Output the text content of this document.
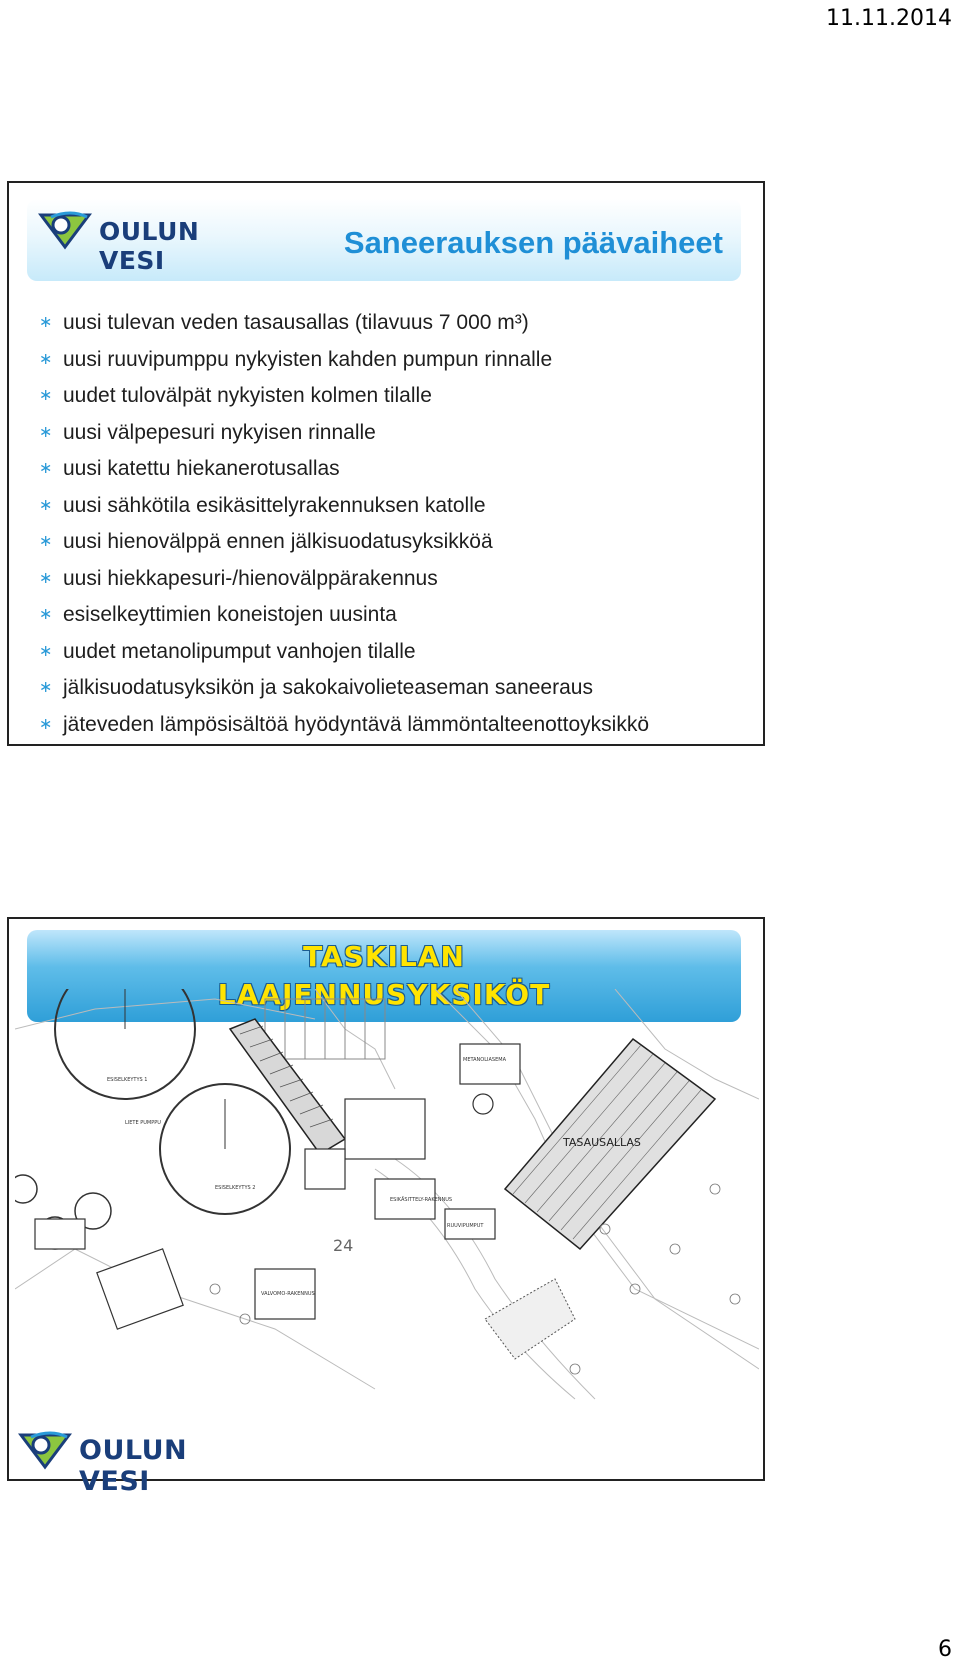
11.11.2014
OULUN VESI
Saneerauksen päävaiheet
∗ uusi tulevan veden tasausallas (tilavuus 7 000 m³)
∗ uusi ruuvipumppu nykyisten kahden pumpun rinnalle
∗ uudet tulovälpät nykyisten kolmen tilalle
∗ uusi välpepesuri nykyisen rinnalle
∗ uusi katettu hiekanerotusallas
∗ uusi sähkötila esikäsittelyrakennuksen katolle
∗ uusi hienovälppä ennen jälkisuodatusyksikköä
∗ uusi hiekkapesuri-/hienovälppärakennus
∗ esiselkeyttimien koneistojen uusinta
∗ uudet metanolipumput vanhojen tilalle
∗ jälkisuodatusyksikön ja sakokaivolieteaseman saneeraus
∗ jäteveden lämpösisältöä hyödyntävä lämmöntalteenottoyksikkö
TASKILAN
LAAJENNUSYKSIKÖT
ESISELKEYTYS 1
ESISELKEYTYS 2
ESIKÄSITTELY-RAKENNUS
RUUVIPUMPUT
VALVOMO-RAKENNUS
LIETE PUMPPU
24
METANOLIASEMA
TASAUSALLAS
OULUN VESI
6
